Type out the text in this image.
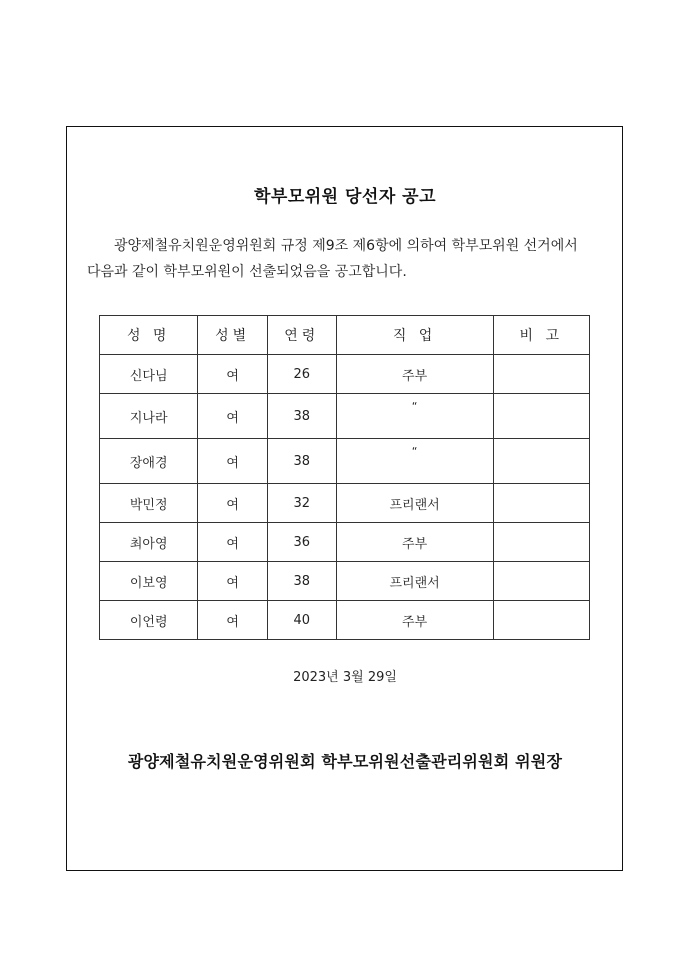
학부모위원 당선자 공고
광양제철유치원운영위원회 규정 제9조 제6항에 의하여 학부모위원 선거에서
다음과 같이 학부모위원이 선출되었음을 공고합니다.
성 명	성별	연령	직 업	비 고
신다님	여	26	주부	
지나라	여	38	“	
장애경	여	38	“	
박민정	여	32	프리랜서	
최아영	여	36	주부	
이보영	여	38	프리랜서	
이언령	여	40	주부	
2023년 3월 29일
광양제철유치원운영위원회 학부모위원선출관리위원회 위원장
